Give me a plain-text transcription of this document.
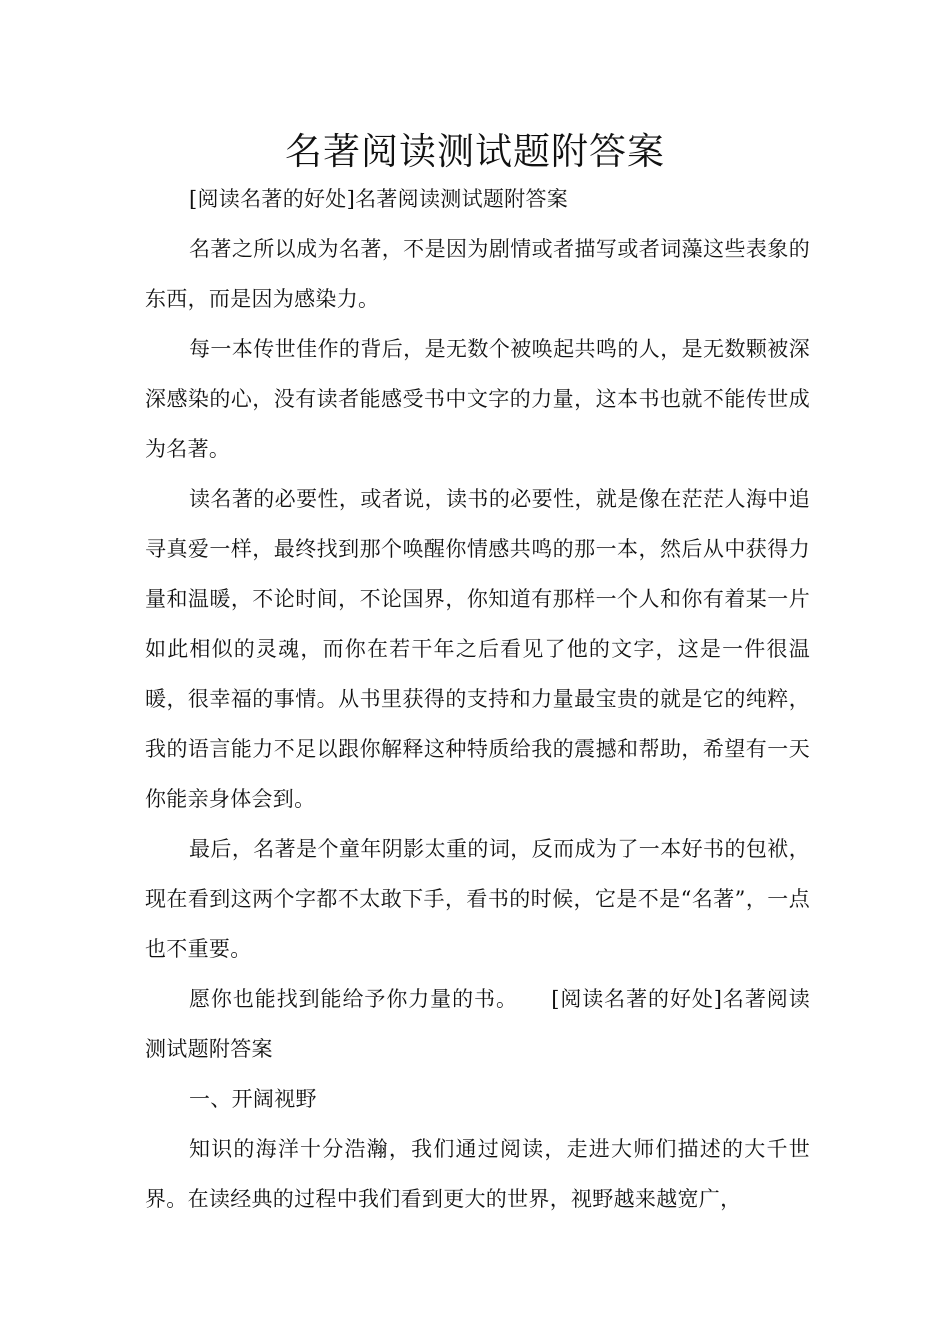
名著阅读测试题附答案

[阅读名著的好处]名著阅读测试题附答案

名著之所以成为名著，不是因为剧情或者描写或者词藻这些表象的东西，而是因为感染力。

每一本传世佳作的背后，是无数个被唤起共鸣的人，是无数颗被深深感染的心，没有读者能感受书中文字的力量，这本书也就不能传世成为名著。

读名著的必要性，或者说，读书的必要性，就是像在茫茫人海中追寻真爱一样，最终找到那个唤醒你情感共鸣的那一本，然后从中获得力量和温暖，不论时间，不论国界，你知道有那样一个人和你有着某一片如此相似的灵魂，而你在若干年之后看见了他的文字，这是一件很温暖，很幸福的事情。从书里获得的支持和力量最宝贵的就是它的纯粹，我的语言能力不足以跟你解释这种特质给我的震撼和帮助，希望有一天你能亲身体会到。

最后，名著是个童年阴影太重的词，反而成为了一本好书的包袱，现在看到这两个字都不太敢下手，看书的时候，它是不是“名著”，一点也不重要。

愿你也能找到能给予你力量的书。　　[阅读名著的好处]名著阅读测试题附答案

一、开阔视野

知识的海洋十分浩瀚，我们通过阅读，走进大师们描述的大千世界。在读经典的过程中我们看到更大的世界，视野越来越宽广，
